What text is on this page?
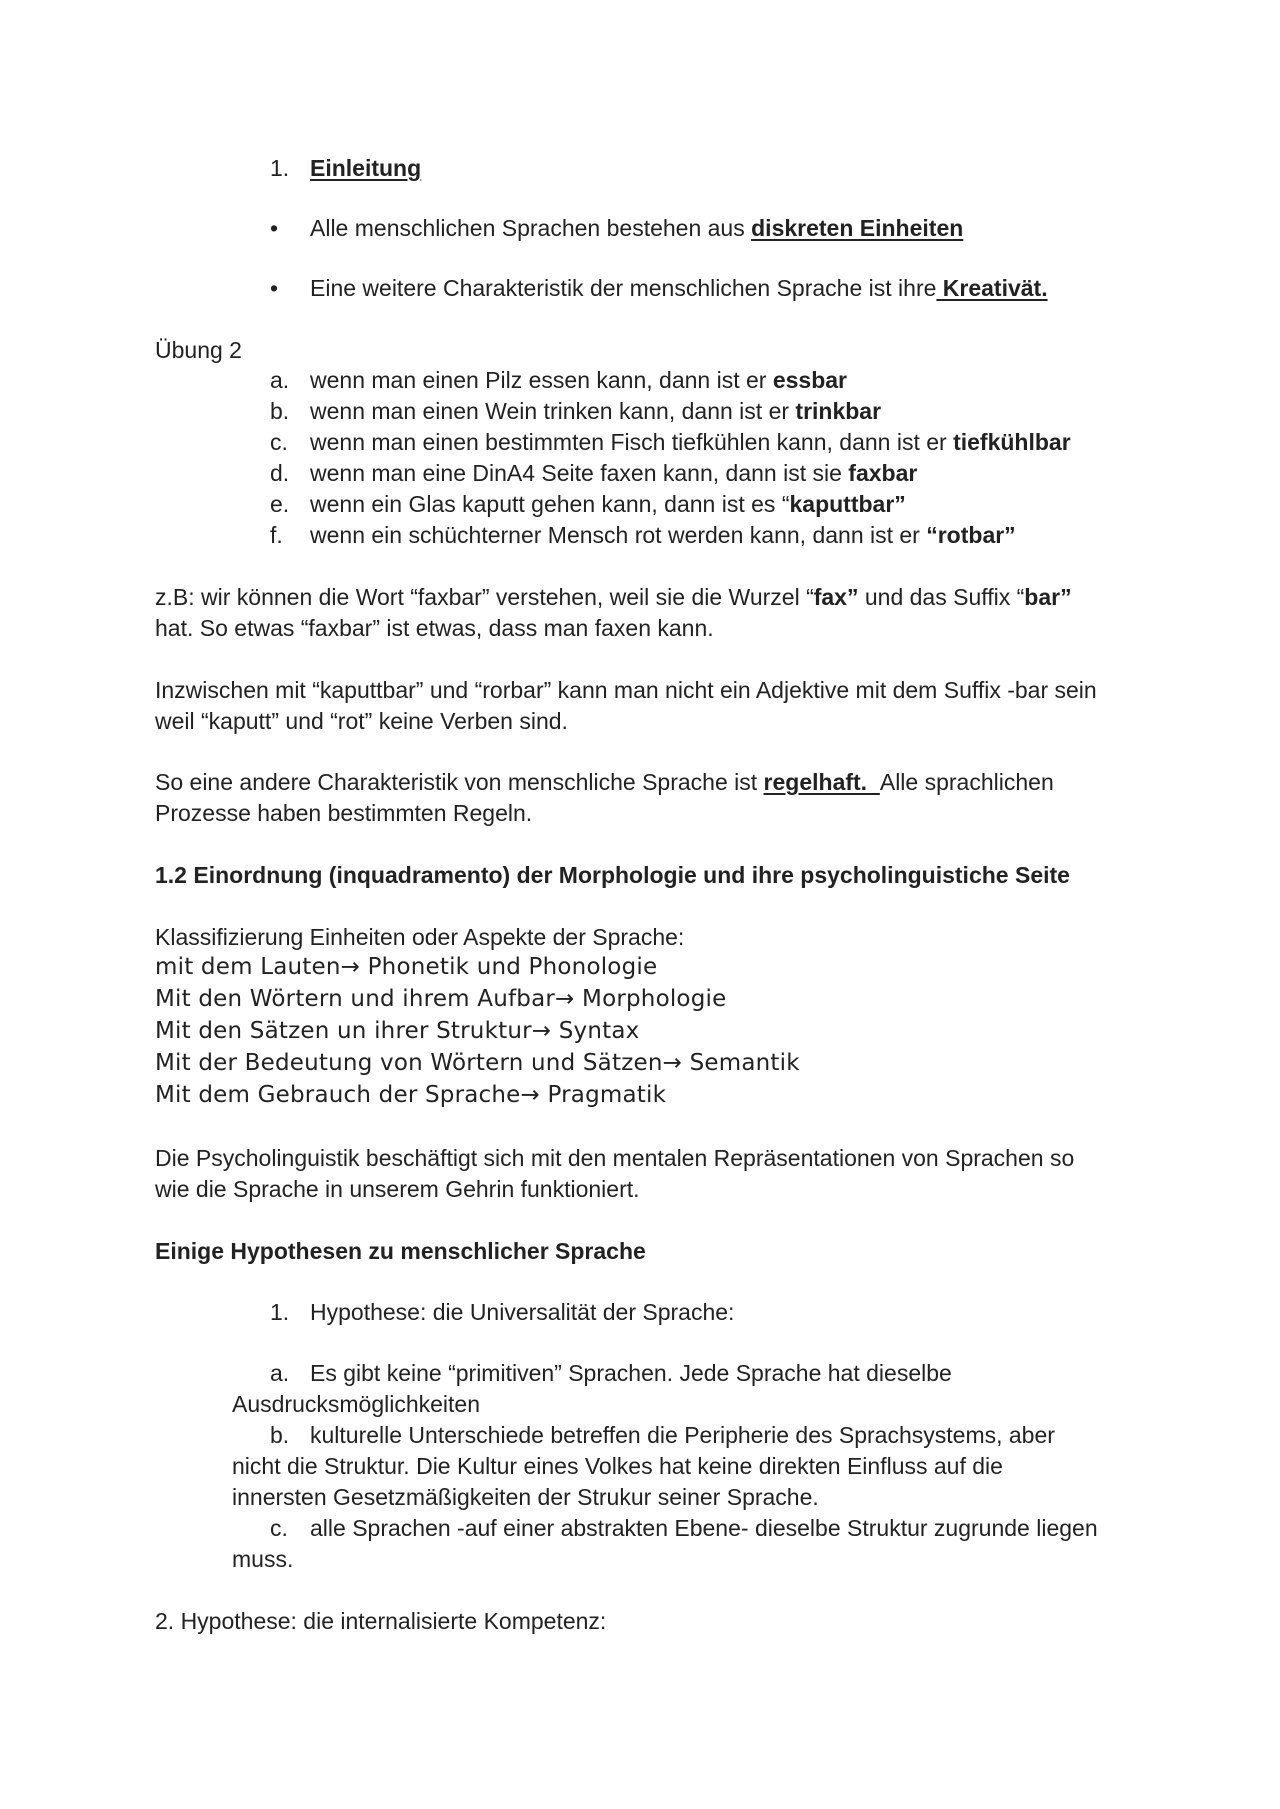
1. Einleitung
• Alle menschlichen Sprachen bestehen aus diskreten Einheiten
• Eine weitere Charakteristik der menschlichen Sprache ist ihre Kreativät.
Übung 2
a. wenn man einen Pilz essen kann, dann ist er essbar
b. wenn man einen Wein trinken kann, dann ist er trinkbar
c. wenn man einen bestimmten Fisch tiefkühlen kann, dann ist er tiefkühlbar
d. wenn man eine DinA4 Seite faxen kann, dann ist sie faxbar
e. wenn ein Glas kaputt gehen kann, dann ist es “kaputtbar”
f. wenn ein schüchterner Mensch rot werden kann, dann ist er “rotbar”
z.B: wir können die Wort “faxbar” verstehen, weil sie die Wurzel “fax” und das Suffix “bar”
hat. So etwas “faxbar” ist etwas, dass man faxen kann.
Inzwischen mit “kaputtbar” und “rorbar” kann man nicht ein Adjektive mit dem Suffix -bar sein
weil “kaputt” und “rot” keine Verben sind.
So eine andere Charakteristik von menschliche Sprache ist regelhaft.  Alle sprachlichen
Prozesse haben bestimmten Regeln.
1.2 Einordnung (inquadramento) der Morphologie und ihre psycholinguistiche Seite
Klassifizierung Einheiten oder Aspekte der Sprache:
mit dem Lauten→ Phonetik und Phonologie
Mit den Wörtern und ihrem Aufbar→ Morphologie
Mit den Sätzen un ihrer Struktur→ Syntax
Mit der Bedeutung von Wörtern und Sätzen→ Semantik
Mit dem Gebrauch der Sprache→ Pragmatik
Die Psycholinguistik beschäftigt sich mit den mentalen Repräsentationen von Sprachen so
wie die Sprache in unserem Gehrin funktioniert.
Einige Hypothesen zu menschlicher Sprache
1. Hypothese: die Universalität der Sprache:
a. Es gibt keine “primitiven” Sprachen. Jede Sprache hat dieselbe
Ausdrucksmöglichkeiten
b. kulturelle Unterschiede betreffen die Peripherie des Sprachsystems, aber
nicht die Struktur. Die Kultur eines Volkes hat keine direkten Einfluss auf die
innersten Gesetzmäßigkeiten der Strukur seiner Sprache.
c. alle Sprachen -auf einer abstrakten Ebene- dieselbe Struktur zugrunde liegen
muss.
2. Hypothese: die internalisierte Kompetenz:
